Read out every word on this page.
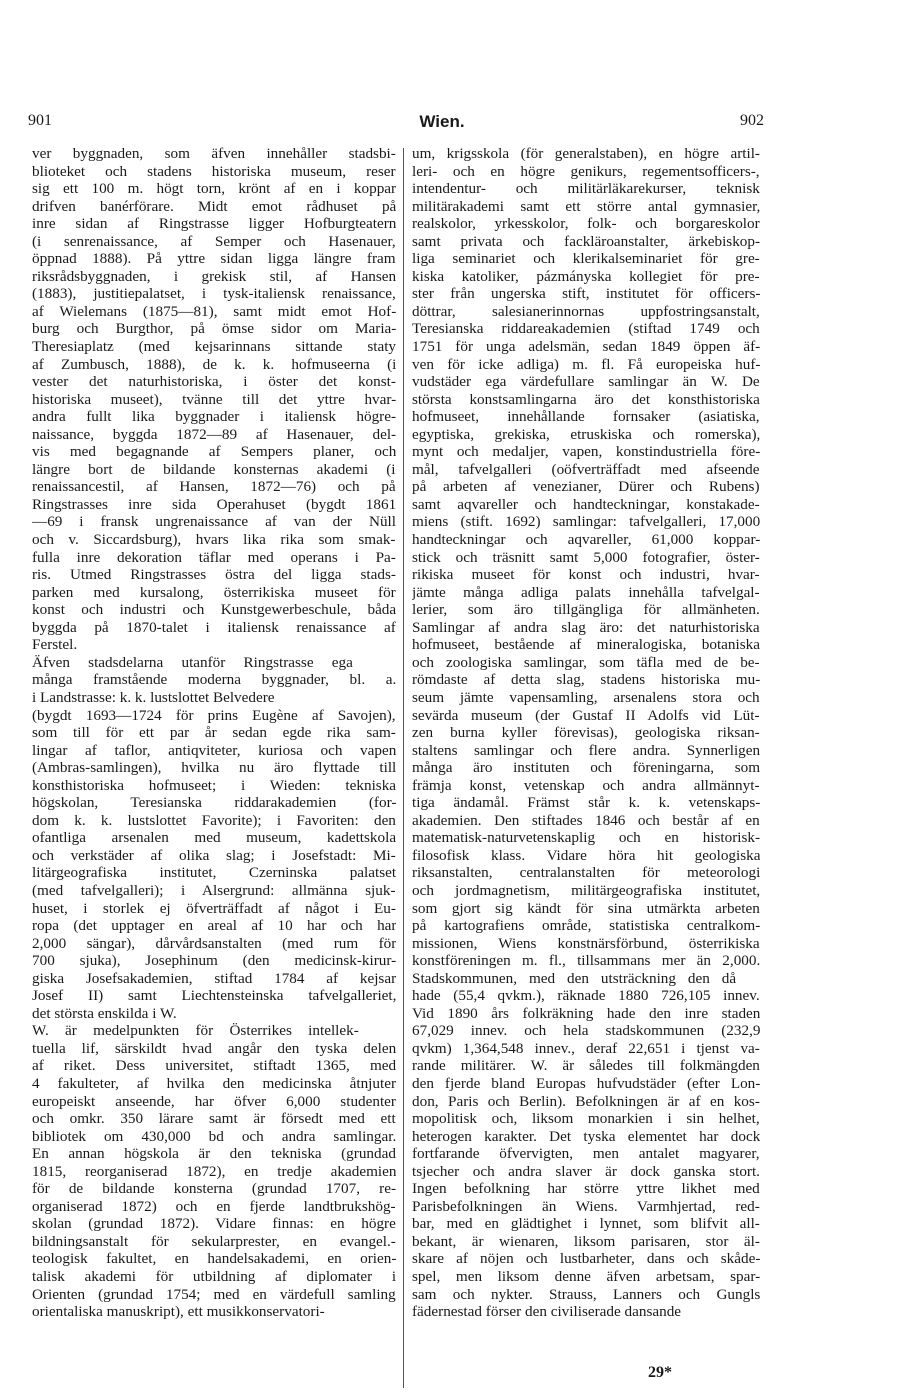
901	Wien.	902
ver byggnaden, som äfven innehåller stadsbi-
blioteket och stadens historiska museum, reser
sig ett 100 m. högt torn, krönt af en i koppar
drifven banérförare. Midt emot rådhuset på
inre sidan af Ringstrasse ligger Hofburgteatern
(i senrenaissance, af Semper och Hasenauer,
öppnad 1888). På yttre sidan ligga längre fram
riksrådsbyggnaden, i grekisk stil, af Hansen
(1883), justitiepalatset, i tysk-italiensk renaissance,
af Wielemans (1875—81), samt midt emot Hof-
burg och Burgthor, på ömse sidor om Maria-
Theresiaplatz (med kejsarinnans sittande staty
af Zumbusch, 1888), de k. k. hofmuseerna (i
vester det naturhistoriska, i öster det konst-
historiska museet), tvänne till det yttre hvar-
andra fullt lika byggnader i italiensk högre-
naissance, byggda 1872—89 af Hasenauer, del-
vis med begagnande af Sempers planer, och
längre bort de bildande konsternas akademi (i
renaissancestil, af Hansen, 1872—76) och på
Ringstrasses inre sida Operahuset (bygdt 1861
—69 i fransk ungrenaissance af van der Nüll
och v. Siccardsburg), hvars lika rika som smak-
fulla inre dekoration täflar med operans i Pa-
ris. Utmed Ringstrasses östra del ligga stads-
parken med kursalong, österrikiska museet för
konst och industri och Kunstgewerbeschule, båda
byggda på 1870-talet i italiensk renaissance af
Ferstel.
Äfven stadsdelarna utanför Ringstrasse ega
många framstående moderna byggnader, bl. a.
i Landstrasse: k. k. lustslottet Belvedere
(bygdt 1693—1724 för prins Eugène af Savojen),
som till för ett par år sedan egde rika sam-
lingar af taflor, antiqviteter, kuriosa och vapen
(Ambras-samlingen), hvilka nu äro flyttade till
konsthistoriska hofmuseet; i Wieden: tekniska
högskolan, Teresianska riddarakademien (for-
dom k. k. lustslottet Favorite); i Favoriten: den
ofantliga arsenalen med museum, kadettskola
och verkstäder af olika slag; i Josefstadt: Mi-
litärgeografiska institutet, Czerninska palatset
(med tafvelgalleri); i Alsergrund: allmänna sjuk-
huset, i storlek ej öfverträffadt af något i Eu-
ropa (det upptager en areal af 10 har och har
2,000 sängar), dårvårdsanstalten (med rum för
700 sjuka), Josephinum (den medicinsk-kirur-
giska Josefsakademien, stiftad 1784 af kejsar
Josef II) samt Liechtensteinska tafvelgalleriet,
det största enskilda i W.
W. är medelpunkten för Österrikes intellek-
tuella lif, särskildt hvad angår den tyska delen
af riket. Dess universitet, stiftadt 1365, med
4 fakulteter, af hvilka den medicinska åtnjuter
europeiskt anseende, har öfver 6,000 studenter
och omkr. 350 lärare samt är försedt med ett
bibliotek om 430,000 bd och andra samlingar.
En annan högskola är den tekniska (grundad
1815, reorganiserad 1872), en tredje akademien
för de bildande konsterna (grundad 1707, re-
organiserad 1872) och en fjerde landtbrukshög-
skolan (grundad 1872). Vidare finnas: en högre
bildningsanstalt för sekularprester, en evangel.-
teologisk fakultet, en handelsakademi, en orien-
talisk akademi för utbildning af diplomater i
Orienten (grundad 1754; med en värdefull samling
orientaliska manuskript), ett musikkonservatori-
um, krigsskola (för generalstaben), en högre artil-
leri- och en högre genikurs, regementsofficers-,
intendentur- och militärläkarekurser, teknisk
militärakademi samt ett större antal gymnasier,
realskolor, yrkesskolor, folk- och borgareskolor
samt privata och fackläroanstalter, ärkebiskop-
liga seminariet och klerikalseminariet för gre-
kiska katoliker, pázmányska kollegiet för pre-
ster från ungerska stift, institutet för officers-
döttrar, salesianerinnornas uppfostringsanstalt,
Teresianska riddareakademien (stiftad 1749 och
1751 för unga adelsmän, sedan 1849 öppen äf-
ven för icke adliga) m. fl. Få europeiska huf-
vudstäder ega värdefullare samlingar än W. De
största konstsamlingarna äro det konsthistoriska
hofmuseet, innehållande fornsaker (asiatiska,
egyptiska, grekiska, etruskiska och romerska),
mynt och medaljer, vapen, konstindustriella före-
mål, tafvelgalleri (oöfverträffadt med afseende
på arbeten af venezianer, Dürer och Rubens)
samt aqvareller och handteckningar, konstakade-
miens (stift. 1692) samlingar: tafvelgalleri, 17,000
handteckningar och aqvareller, 61,000 koppar-
stick och träsnitt samt 5,000 fotografier, öster-
rikiska museet för konst och industri, hvar-
jämte många adliga palats innehålla tafvelgal-
lerier, som äro tillgängliga för allmänheten.
Samlingar af andra slag äro: det naturhistoriska
hofmuseet, bestående af mineralogiska, botaniska
och zoologiska samlingar, som täfla med de be-
römdaste af detta slag, stadens historiska mu-
seum jämte vapensamling, arsenalens stora och
sevärda museum (der Gustaf II Adolfs vid Lüt-
zen burna kyller förevisas), geologiska riksan-
staltens samlingar och flere andra. Synnerligen
många äro instituten och föreningarna, som
främja konst, vetenskap och andra allmännyt-
tiga ändamål. Främst står k. k. vetenskaps-
akademien. Den stiftades 1846 och består af en
matematisk-naturvetenskaplig och en historisk-
filosofisk klass. Vidare höra hit geologiska
riksanstalten, centralanstalten för meteorologi
och jordmagnetism, militärgeografiska institutet,
som gjort sig kändt för sina utmärkta arbeten
på kartografiens område, statistiska centralkom-
missionen, Wiens konstnärsförbund, österrikiska
konstföreningen m. fl., tillsammans mer än 2,000.
Stadskommunen, med den utsträckning den då
hade (55,4 qvkm.), räknade 1880 726,105 innev.
Vid 1890 års folkräkning hade den inre staden
67,029 innev. och hela stadskommunen (232,9
qvkm) 1,364,548 innev., deraf 22,651 i tjenst va-
rande militärer. W. är således till folkmängden
den fjerde bland Europas hufvudstäder (efter Lon-
don, Paris och Berlin). Befolkningen är af en kos-
mopolitisk och, liksom monarkien i sin helhet,
heterogen karakter. Det tyska elementet har dock
fortfarande öfvervigten, men antalet magyarer,
tsjecher och andra slaver är dock ganska stort.
Ingen befolkning har större yttre likhet med
Parisbefolkningen än Wiens. Varmhjertad, red-
bar, med en glädtighet i lynnet, som blifvit all-
bekant, är wienaren, liksom parisaren, stor äl-
skare af nöjen och lustbarheter, dans och skåde-
spel, men liksom denne äfven arbetsam, spar-
sam och nykter. Strauss, Lanners och Gungls
fädernestad förser den civiliserade dansande
29*
